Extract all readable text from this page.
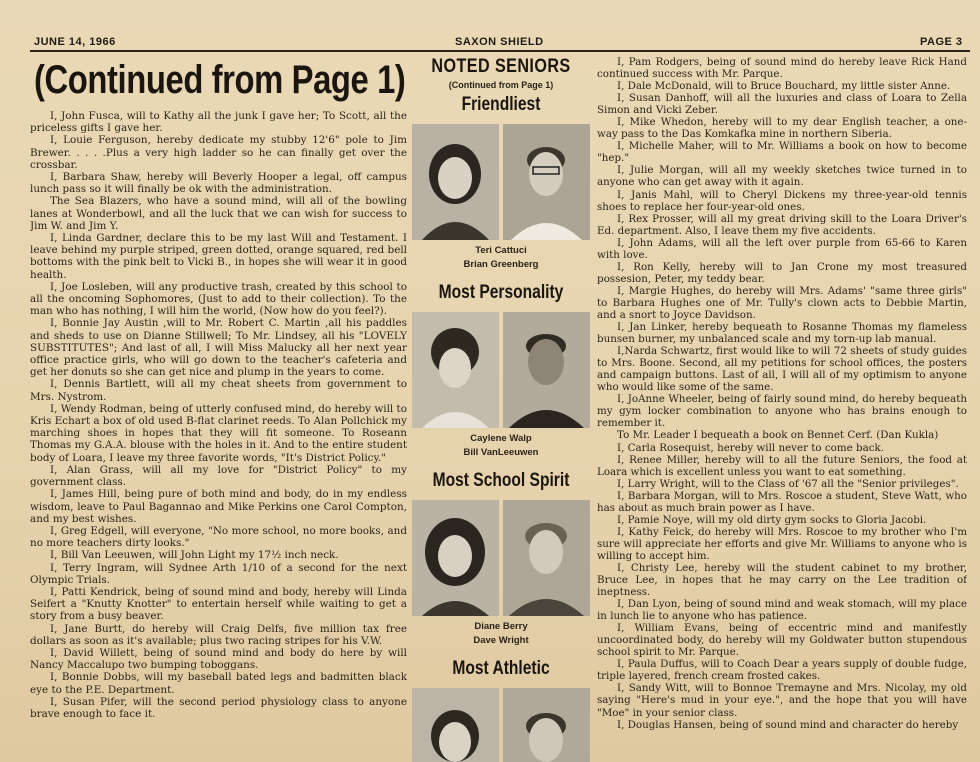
JUNE 14, 1966	SAXON SHIELD	PAGE 3
(Continued from Page 1)

I, John Fusca, will to Kathy all the junk I gave her; To Scott, all the priceless gifts I gave her.

I, Louie Ferguson, hereby dedicate my stubby 12'6" pole to Jim Brewer. . . . .Plus a very high ladder so he can finally get over the crossbar.

I, Barbara Shaw, hereby will Beverly Hooper a legal, off campus lunch pass so it will finally be ok with the administration.

The Sea Blazers, who have a sound mind, will all of the bowling lanes at Wonderbowl, and all the luck that we can wish for success to Jim W. and Jim Y.

I, Linda Gardner, declare this to be my last Will and Testament. I leave behind my purple striped, green dotted, orange squared, red bell bottoms with the pink belt to Vicki B., in hopes she will wear it in good health.

I, Joe Losleben, will any productive trash, created by this school to all the oncoming Sophomores, (Just to add to their collection). To the man who has nothing, I will him the world, (Now how do you feel?).

I, Bonnie Jay Austin ,will to Mr. Robert C. Martin ,all his paddles and sheds to use on Dianne Stillwell; To Mr. Lindsey, all his "LOVELY SUBSTITUTES"; And last of all, I will Miss Malucky all her next year office practice girls, who will go down to the teacher's cafeteria and get her donuts so she can get nice and plump in the years to come.

I, Dennis Bartlett, will all my cheat sheets from government to Mrs. Nystrom.

I, Wendy Rodman, being of utterly confused mind, do hereby will to Kris Echart a box of old used B-flat clarinet reeds. To Alan Pollchick my marching shoes in hopes that they will fit someone. To Roseann Thomas my G.A.A. blouse with the holes in it. And to the entire student body of Loara, I leave my three favorite words, "It's District Policy."

I, Alan Grass, will all my love for "District Policy" to my government class.

I, James Hill, being pure of both mind and body, do in my endless wisdom, leave to Paul Bagannao and Mike Perkins one Carol Compton, and my best wishes.

I, Greg Edgell, will everyone, "No more school, no more books, and no more teachers dirty looks."

I, Bill Van Leeuwen, will John Light my 17½ inch neck.

I, Terry Ingram, will Sydnee Arth 1/10 of a second for the next Olympic Trials.

I, Patti Kendrick, being of sound mind and body, hereby will Linda Seifert a "Knutty Knotter" to entertain herself while waiting to get a story from a busy beaver.

I, Jane Burtt, do hereby will Craig Delfs, five million tax free dollars as soon as it's available; plus two racing stripes for his V.W.

I, David Willett, being of sound mind and body do here by will Nancy Maccalupo two bumping toboggans.

I, Bonnie Dobbs, will my baseball bated legs and badmitten black eye to the P.E. Department.

I, Susan Pifer, will the second period physiology class to anyone brave enough to face it.

NOTED SENIORS
(Continued from Page 1)
Friendliest
Teri Cattuci
Brian Greenberg
Most Personality
Caylene Walp
Bill VanLeeuwen
Most School Spirit
Diane Berry
Dave Wright
Most Athletic

I, Pam Rodgers, being of sound mind do hereby leave Rick Hand continued success with Mr. Parque.

I, Dale McDonald, will to Bruce Bouchard, my little sister Anne.

I, Susan Danhoff, will all the luxuries and class of Loara to Zella Simon and Vicki Zeber.

I, Mike Whedon, hereby will to my dear English teacher, a one-way pass to the Das Komkafka mine in northern Siberia.

I, Michelle Maher, will to Mr. Williams a book on how to become "hep."

I, Julie Morgan, will all my weekly sketches twice turned in to anyone who can get away with it again.

I, Janis Mahl, will to Cheryl Dickens my three-year-old tennis shoes to replace her four-year-old ones.

I, Rex Prosser, will all my great driving skill to the Loara Driver's Ed. department. Also, I leave them my five accidents.

I, John Adams, will all the left over purple from 65-66 to Karen with love.

I, Ron Kelly, hereby will to Jan Crone my most treasured possesion, Peter, my teddy bear.

I, Margie Hughes, do hereby will Mrs. Adams' "same three girls" to Barbara Hughes one of Mr. Tully's clown acts to Debbie Martin, and a snort to Joyce Davidson.

I, Jan Linker, hereby bequeath to Rosanne Thomas my flameless bunsen burner, my unbalanced scale and my torn-up lab manual.

I,Narda Schwartz, first would like to will 72 sheets of study guides to Mrs. Boone. Second, all my petitions for school offices, the posters and campaign buttons. Last of all, I will all of my optimism to anyone who would like some of the same.

I, JoAnne Wheeler, being of fairly sound mind, do hereby bequeath my gym locker combination to anyone who has brains enough to remember it.

To Mr. Leader I bequeath a book on Bennet Cerf. (Dan Kukla)

I, Carla Rosequist, hereby will never to come back.

I, Renee Miller, hereby will to all the future Seniors, the food at Loara which is excellent unless you want to eat something.

I, Larry Wright, will to the Class of '67 all the "Senior privileges".

I, Barbara Morgan, will to Mrs. Roscoe a student, Steve Watt, who has about as much brain power as I have.

I, Pamie Noye, will my old dirty gym socks to Gloria Jacobi.

I, Kathy Feick, do hereby will Mrs. Roscoe to my brother who I'm sure will appreciate her efforts and give Mr. Williams to anyone who is willing to accept him.

I, Christy Lee, hereby will the student cabinet to my brother, Bruce Lee, in hopes that he may carry on the Lee tradition of ineptness.

I, Dan Lyon, being of sound mind and weak stomach, will my place in lunch lie to anyone who has patience.

I, William Evans, being of eccentric mind and manifestly uncoordinated body, do hereby will my Goldwater button stupendous school spirit to Mr. Parque.

I, Paula Duffus, will to Coach Dear a years supply of double fudge, triple layered, french cream frosted cakes.

I, Sandy Witt, will to Bonnoe Tremayne and Mrs. Nicolay, my old saying "Here's mud in your eye.", and the hope that you will have "Moe" in your senior class.

I, Douglas Hansen, being of sound mind and character do hereby
